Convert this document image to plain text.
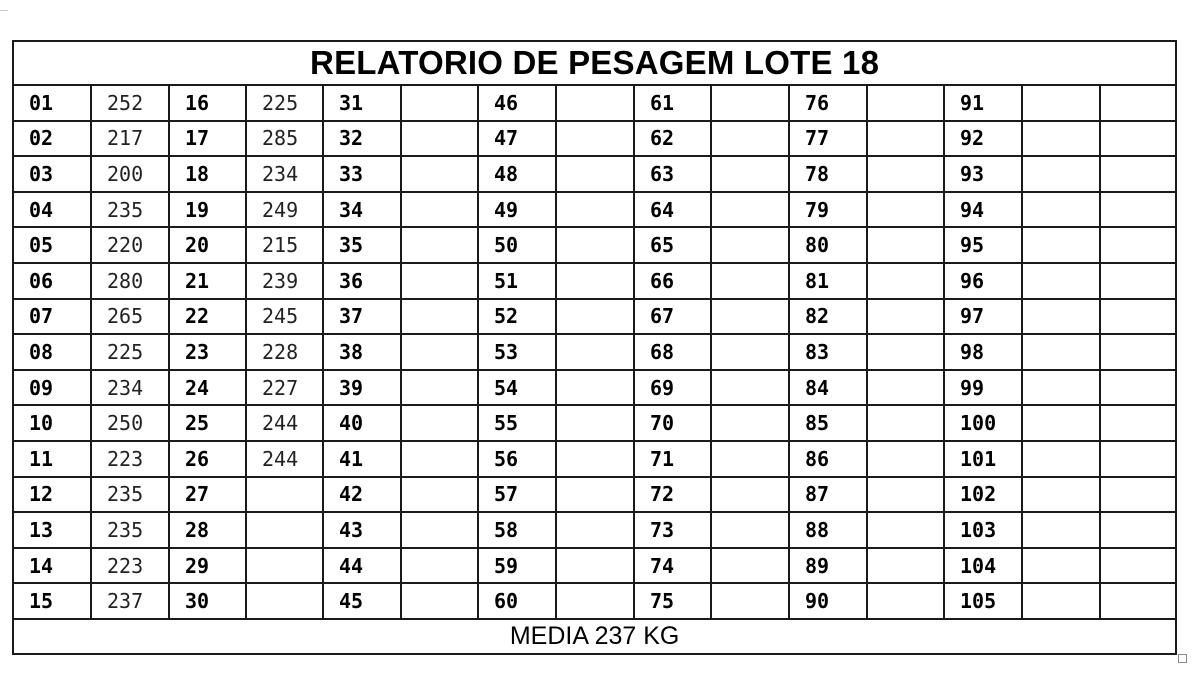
RELATORIO DE PESAGEM LOTE 18														
01	252	16	225	31		46		61		76		91		
02	217	17	285	32		47		62		77		92		
03	200	18	234	33		48		63		78		93		
04	235	19	249	34		49		64		79		94		
05	220	20	215	35		50		65		80		95		
06	280	21	239	36		51		66		81		96		
07	265	22	245	37		52		67		82		97		
08	225	23	228	38		53		68		83		98		
09	234	24	227	39		54		69		84		99		
10	250	25	244	40		55		70		85		100		
11	223	26	244	41		56		71		86		101		
12	235	27		42		57		72		87		102		
13	235	28		43		58		73		88		103		
14	223	29		44		59		74		89		104		
15	237	30		45		60		75		90		105		
MEDIA 237 KG														
